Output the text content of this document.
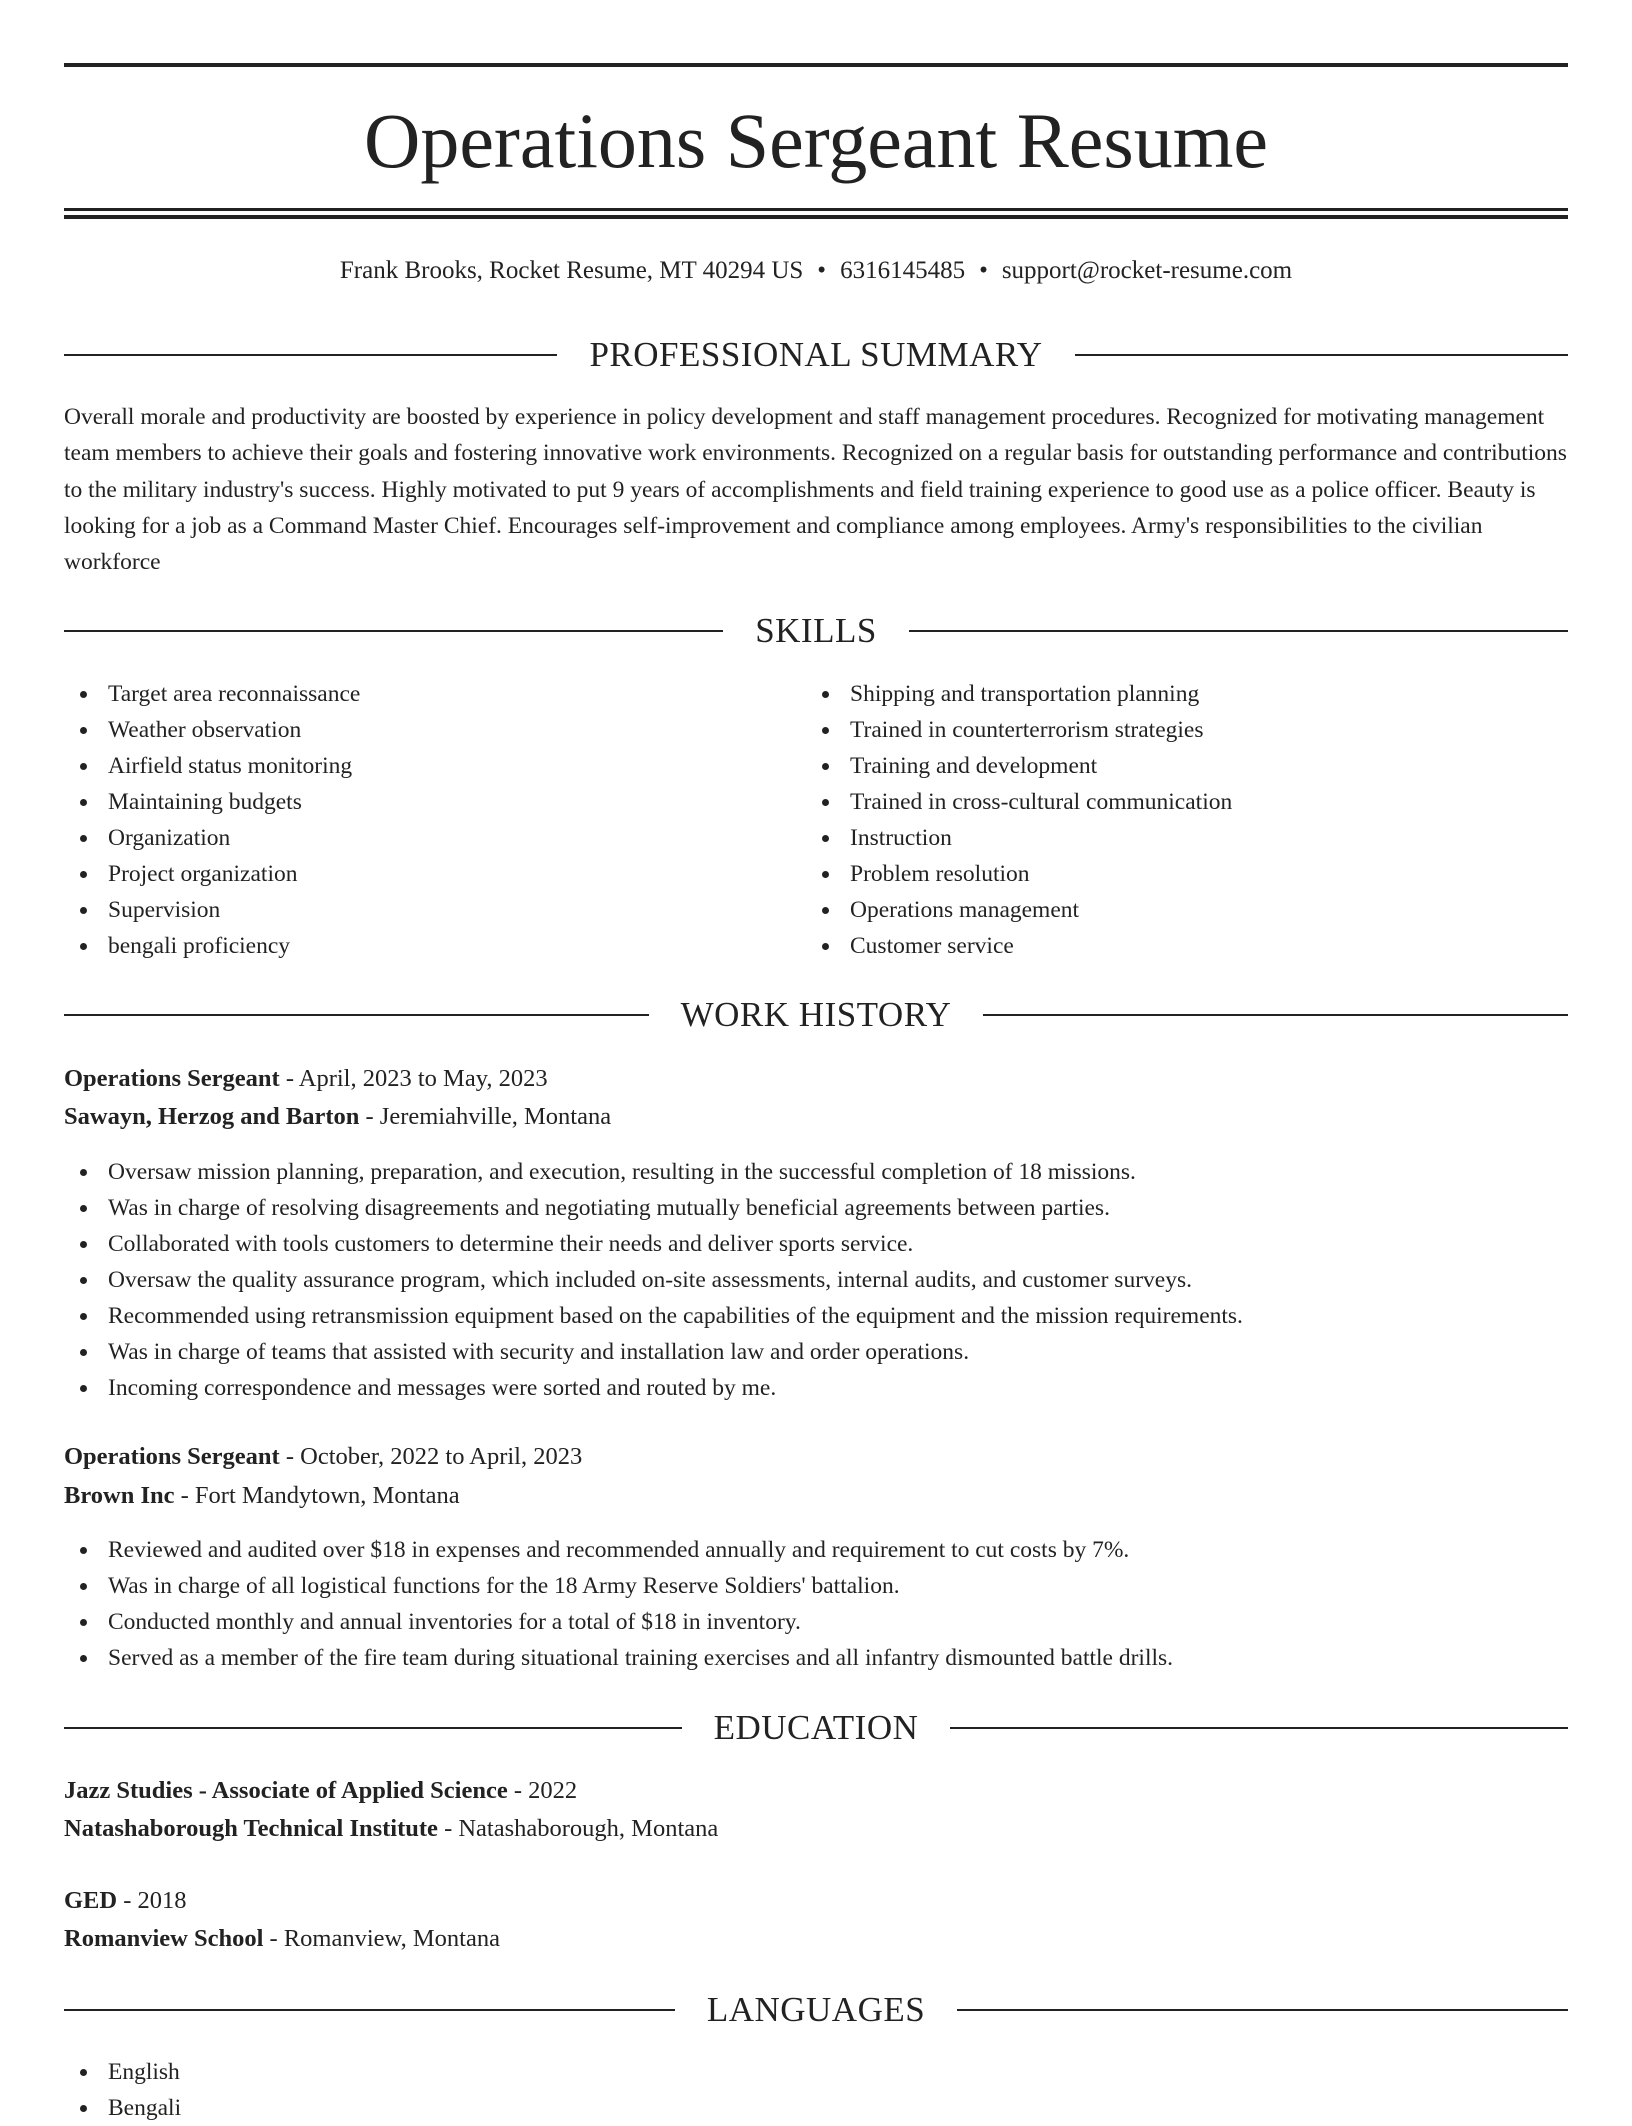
Operations Sergeant Resume
Frank Brooks, Rocket Resume, MT 40294 US • 6316145485 • support@rocket-resume.com
PROFESSIONAL SUMMARY

Overall morale and productivity are boosted by experience in policy development and staff management procedures. Recognized for motivating management team members to achieve their goals and fostering innovative work environments. Recognized on a regular basis for outstanding performance and contributions to the military industry's success. Highly motivated to put 9 years of accomplishments and field training experience to good use as a police officer. Beauty is looking for a job as a Command Master Chief. Encourages self-improvement and compliance among employees. Army's responsibilities to the civilian workforce

SKILLS
Target area reconnaissance
Weather observation
Airfield status monitoring
Maintaining budgets
Organization
Project organization
Supervision
bengali proficiency
Shipping and transportation planning
Trained in counterterrorism strategies
Training and development
Trained in cross-cultural communication
Instruction
Problem resolution
Operations management
Customer service
WORK HISTORY
Operations Sergeant - April, 2023 to May, 2023
Sawayn, Herzog and Barton - Jeremiahville, Montana
Oversaw mission planning, preparation, and execution, resulting in the successful completion of 18 missions.
Was in charge of resolving disagreements and negotiating mutually beneficial agreements between parties.
Collaborated with tools customers to determine their needs and deliver sports service.
Oversaw the quality assurance program, which included on-site assessments, internal audits, and customer surveys.
Recommended using retransmission equipment based on the capabilities of the equipment and the mission requirements.
Was in charge of teams that assisted with security and installation law and order operations.
Incoming correspondence and messages were sorted and routed by me.
Operations Sergeant - October, 2022 to April, 2023
Brown Inc - Fort Mandytown, Montana
Reviewed and audited over $18 in expenses and recommended annually and requirement to cut costs by 7%.
Was in charge of all logistical functions for the 18 Army Reserve Soldiers' battalion.
Conducted monthly and annual inventories for a total of $18 in inventory.
Served as a member of the fire team during situational training exercises and all infantry dismounted battle drills.
EDUCATION
Jazz Studies - Associate of Applied Science - 2022
Natashaborough Technical Institute - Natashaborough, Montana
GED - 2018
Romanview School - Romanview, Montana
LANGUAGES
English
Bengali
